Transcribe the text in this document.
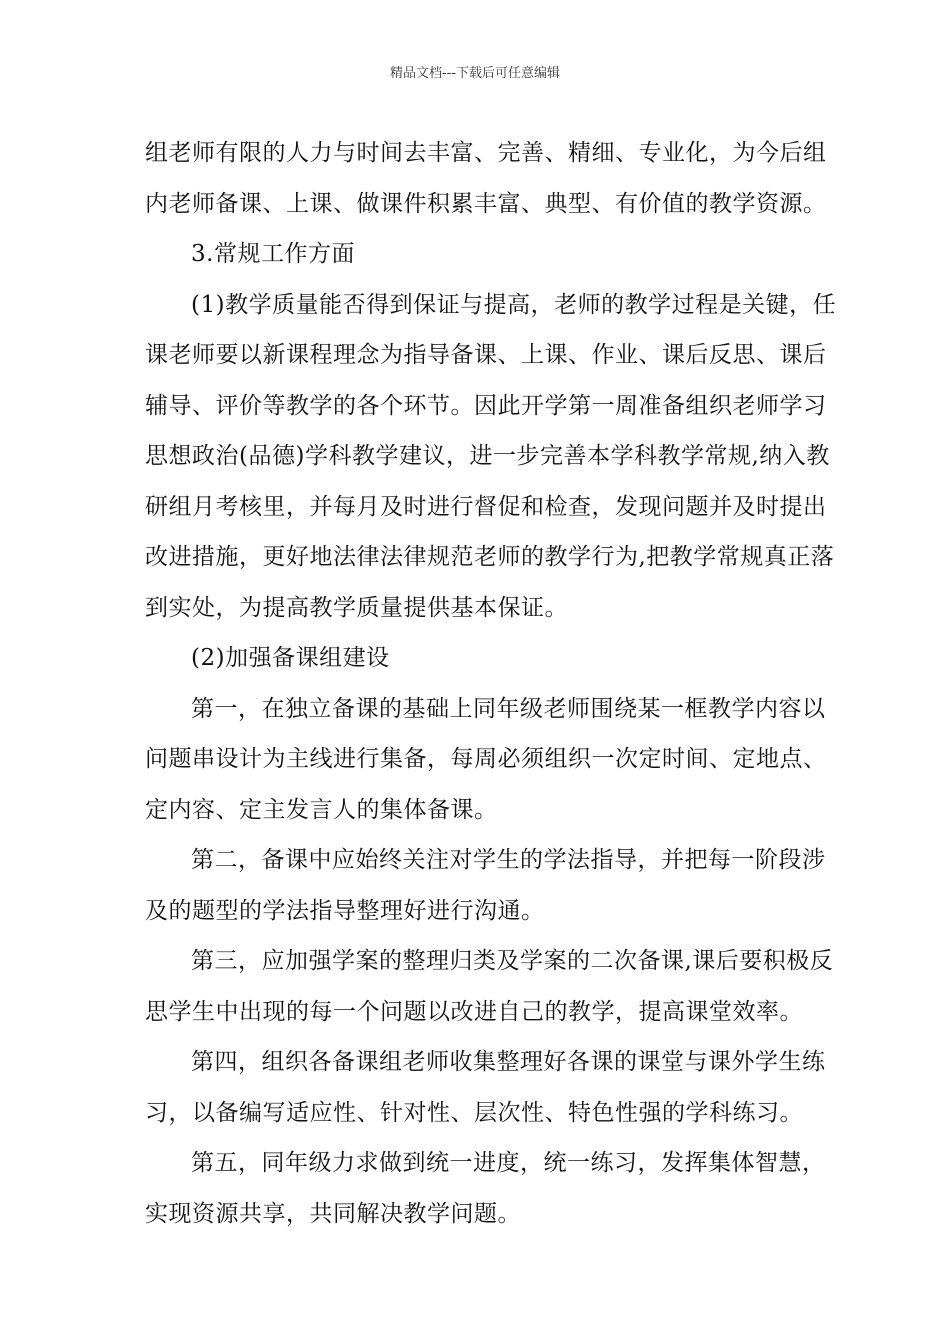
精品文档---下载后可任意编辑
组老师有限的人力与时间去丰富、完善、精细、专业化，为今后组
内老师备课、上课、做课件积累丰富、典型、有价值的教学资源。
3.常规工作方面
(1)教学质量能否得到保证与提高，老师的教学过程是关键，任
课老师要以新课程理念为指导备课、上课、作业、课后反思、课后
辅导、评价等教学的各个环节。因此开学第一周准备组织老师学习
思想政治(品德)学科教学建议，进一步完善本学科教学常规,纳入教
研组月考核里，并每月及时进行督促和检查，发现问题并及时提出
改进措施，更好地法律法律规范老师的教学行为,把教学常规真正落
到实处，为提高教学质量提供基本保证。
(2)加强备课组建设
第一，在独立备课的基础上同年级老师围绕某一框教学内容以
问题串设计为主线进行集备，每周必须组织一次定时间、定地点、
定内容、定主发言人的集体备课。
第二，备课中应始终关注对学生的学法指导，并把每一阶段涉
及的题型的学法指导整理好进行沟通。
第三，应加强学案的整理归类及学案的二次备课,课后要积极反
思学生中出现的每一个问题以改进自己的教学，提高课堂效率。
第四，组织各备课组老师收集整理好各课的课堂与课外学生练
习，以备编写适应性、针对性、层次性、特色性强的学科练习。
第五，同年级力求做到统一进度，统一练习，发挥集体智慧，
实现资源共享，共同解决教学问题。
